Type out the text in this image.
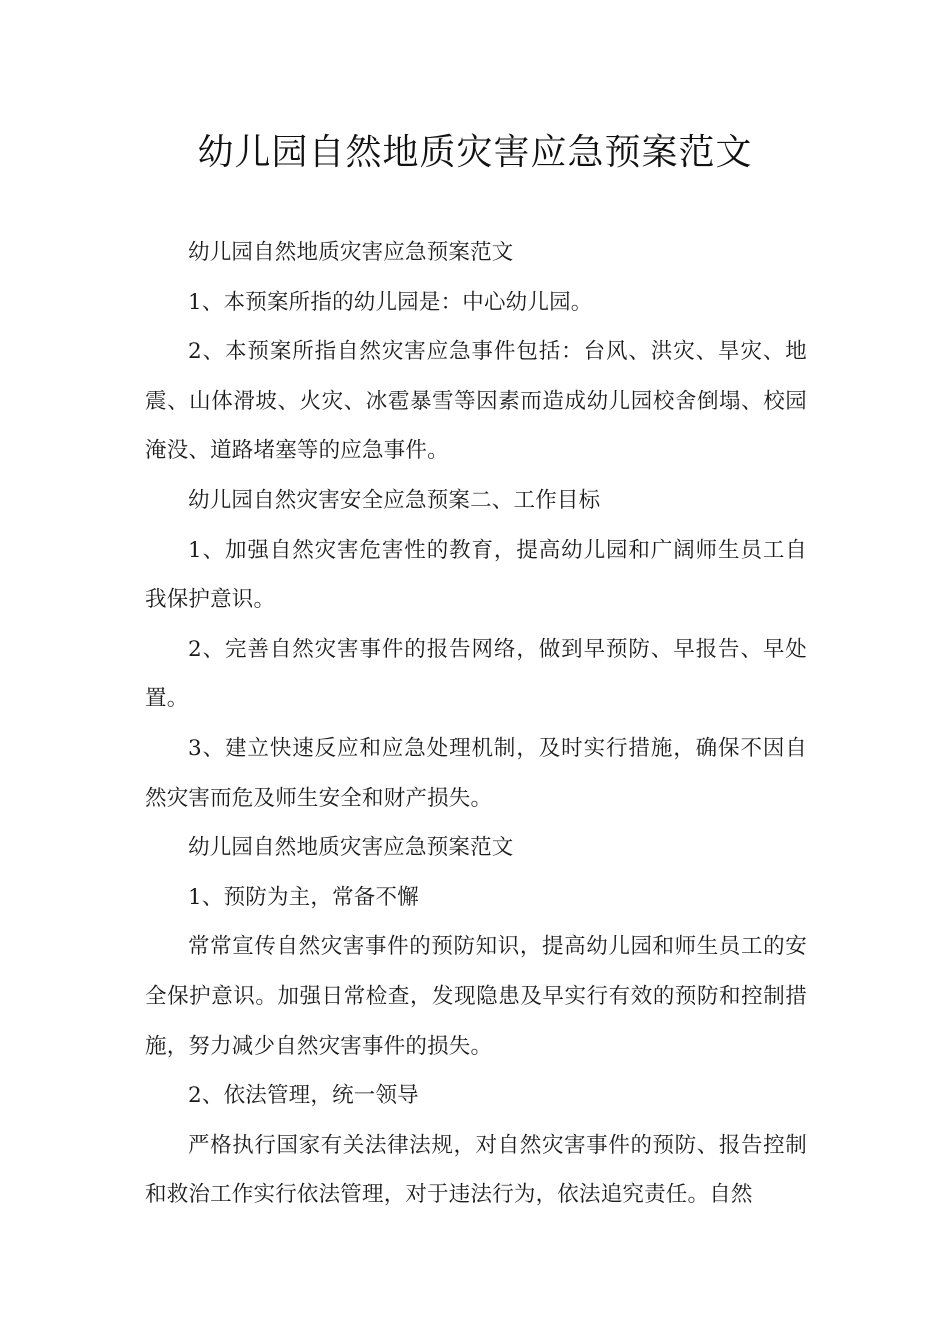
幼儿园自然地质灾害应急预案范文

幼儿园自然地质灾害应急预案范文

1、本预案所指的幼儿园是：中心幼儿园。

2、本预案所指自然灾害应急事件包括：台风、洪灾、旱灾、地震、山体滑坡、火灾、冰雹暴雪等因素而造成幼儿园校舍倒塌、校园淹没、道路堵塞等的应急事件。

幼儿园自然灾害安全应急预案二、工作目标

1、加强自然灾害危害性的教育，提高幼儿园和广阔师生员工自我保护意识。

2、完善自然灾害事件的报告网络，做到早预防、早报告、早处置。

3、建立快速反应和应急处理机制，及时实行措施，确保不因自然灾害而危及师生安全和财产损失。

幼儿园自然地质灾害应急预案范文

1、预防为主，常备不懈

常常宣传自然灾害事件的预防知识，提高幼儿园和师生员工的安全保护意识。加强日常检查，发现隐患及早实行有效的预防和控制措施，努力减少自然灾害事件的损失。

2、依法管理，统一领导

严格执行国家有关法律法规，对自然灾害事件的预防、报告控制和救治工作实行依法管理，对于违法行为，依法追究责任。自然
